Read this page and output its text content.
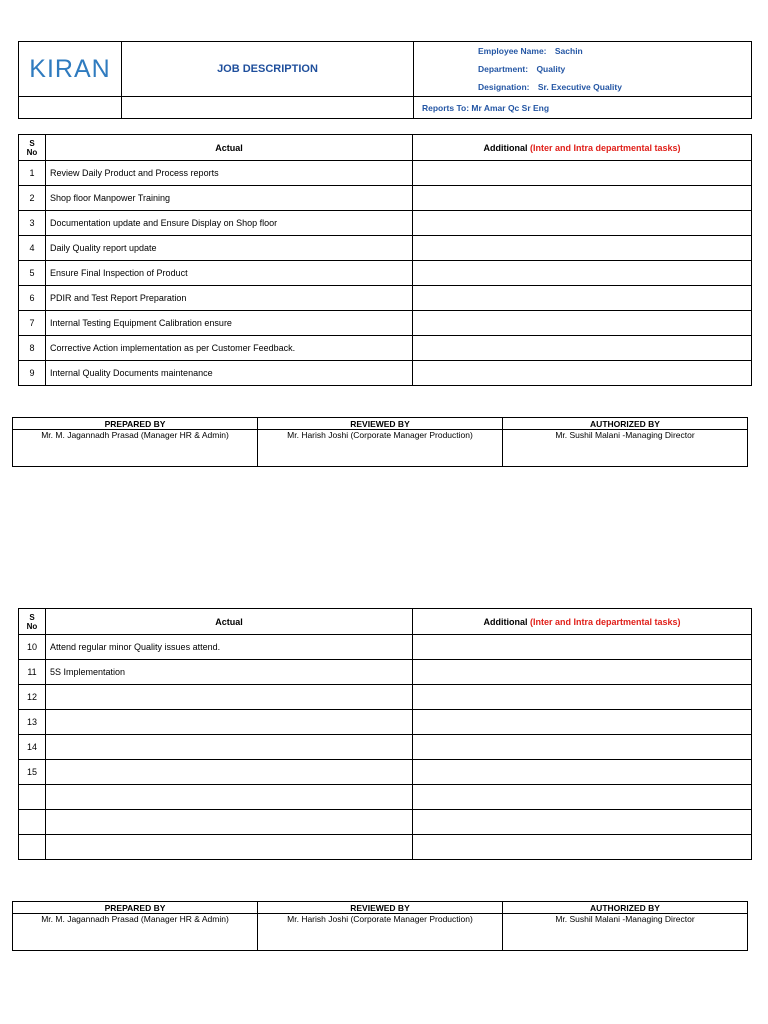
KIRAN	JOB DESCRIPTION	Employee Name: Sachin
Department: Quality
Designation: Sr. Executive Quality

		Reports To: Mr Amar Qc Sr Eng
S
No	Actual	Additional (Inter and Intra departmental tasks)
1	Review Daily Product and Process reports	
2	Shop floor Manpower Training	
3	Documentation update and Ensure Display on Shop floor	
4	Daily Quality report update	
5	Ensure Final Inspection of Product	
6	PDIR and Test Report Preparation	
7	Internal Testing Equipment Calibration ensure	
8	Corrective Action implementation as per Customer Feedback.	
9	Internal Quality Documents maintenance	
PREPARED BY	REVIEWED BY	AUTHORIZED BY
Mr. M. Jagannadh Prasad (Manager HR & Admin)	Mr. Harish Joshi (Corporate Manager Production)	Mr. Sushil Malani -Managing Director
S
No	Actual	Additional (Inter and Intra departmental tasks)
10	Attend regular minor Quality issues attend.	
11	5S Implementation	
12		
13		
14		
15		

PREPARED BY	REVIEWED BY	AUTHORIZED BY
Mr. M. Jagannadh Prasad (Manager HR & Admin)	Mr. Harish Joshi (Corporate Manager Production)	Mr. Sushil Malani -Managing Director
